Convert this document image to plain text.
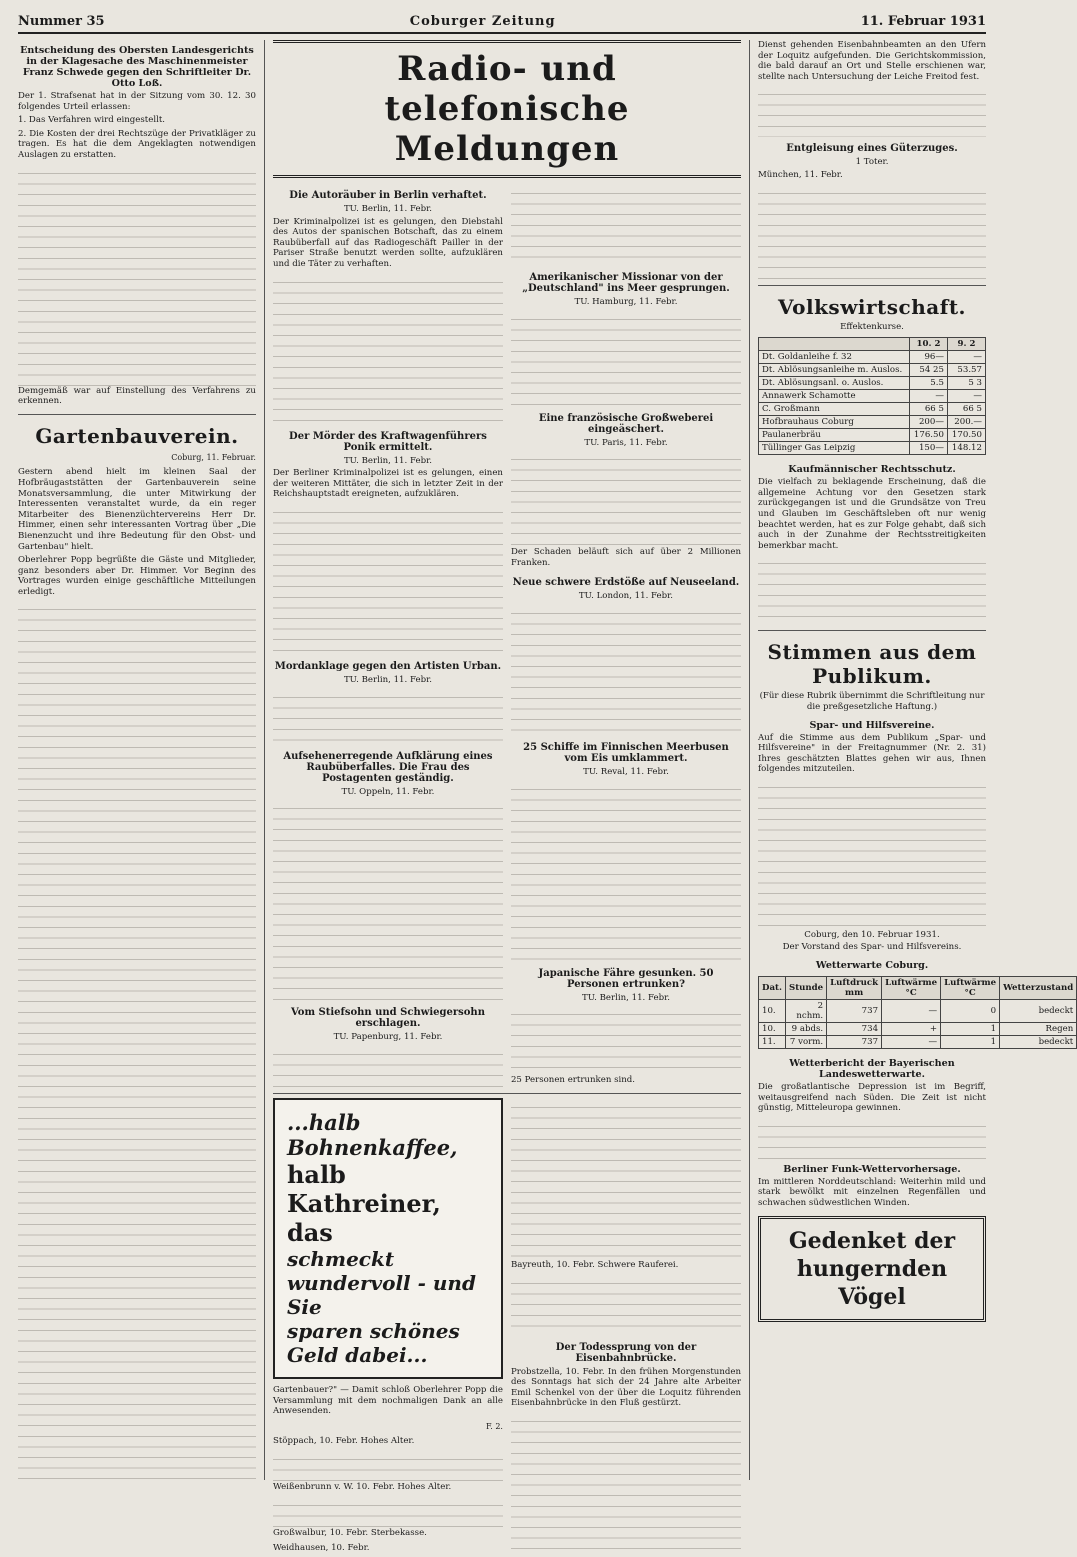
Nummer 35	Coburger Zeitung	11. Februar 1931
Entscheidung des Obersten Landesgerichts in der Klagesache des Maschinenmeister Franz Schwede gegen den Schriftleiter Dr. Otto Loß.

Der 1. Strafsenat hat in der Sitzung vom 30. 12. 30 folgendes Urteil erlassen:

1. Das Verfahren wird eingestellt.

2. Die Kosten der drei Rechtszüge der Privatkläger zu tragen. Es hat die dem Angeklagten notwendigen Auslagen zu erstatten.

Demgemäß war auf Einstellung des Verfahrens zu erkennen.

Gartenbauverein.

Coburg, 11. Februar.

Gestern abend hielt im kleinen Saal der Hofbräugaststätten der Gartenbauverein seine Monatsversammlung, die unter Mitwirkung der Interessenten veranstaltet wurde, da ein reger Mitarbeiter des Bienenzüchtervereins Herr Dr. Himmer, einen sehr interessanten Vortrag über „Die Bienenzucht und ihre Bedeutung für den Obst- und Gartenbau" hielt.

Oberlehrer Popp begrüßte die Gäste und Mitglieder, ganz besonders aber Dr. Himmer. Vor Beginn des Vortrages wurden einige geschäftliche Mitteilungen erledigt.

Radio- und telefonische Meldungen
Die Autoräuber in Berlin verhaftet.

TU. Berlin, 11. Febr.

Der Kriminalpolizei ist es gelungen, den Diebstahl des Autos der spanischen Botschaft, das zu einem Raubüberfall auf das Radiogeschäft Pailler in der Pariser Straße benutzt werden sollte, aufzuklären und die Täter zu verhaften.

Der Mörder des Kraftwagenführers Ponik ermittelt.

TU. Berlin, 11. Febr.

Der Berliner Kriminalpolizei ist es gelungen, einen der weiteren Mittäter, die sich in letzter Zeit in der Reichshauptstadt ereigneten, aufzuklären.

Mordanklage gegen den Artisten Urban.

TU. Berlin, 11. Febr.

Aufsehenerregende Aufklärung eines Raubüberfalles. Die Frau des Postagenten geständig.

TU. Oppeln, 11. Febr.

Vom Stiefsohn und Schwiegersohn erschlagen.

TU. Papenburg, 11. Febr.

Amerikanischer Missionar von der „Deutschland" ins Meer gesprungen.

TU. Hamburg, 11. Febr.

Eine französische Großweberei eingeäschert.

TU. Paris, 11. Febr.

Der Schaden beläuft sich auf über 2 Millionen Franken.

Neue schwere Erdstöße auf Neuseeland.

TU. London, 11. Febr.

25 Schiffe im Finnischen Meerbusen vom Eis umklammert.

TU. Reval, 11. Febr.

Japanische Fähre gesunken. 50 Personen ertrunken?

TU. Berlin, 11. Febr.

25 Personen ertrunken sind.

...halb Bohnenkaffee,
halb Kathreiner, das
schmeckt wundervoll - und Sie
sparen schönes Geld dabei...

Gartenbauer?" — Damit schloß Oberlehrer Popp die Versammlung mit dem nochmaligen Dank an alle Anwesenden.

F. 2.

Stöppach, 10. Febr. Hohes Alter.

Weißenbrunn v. W. 10. Febr. Hohes Alter.

Großwalbur, 10. Febr. Sterbekasse.

Weidhausen, 10. Febr.

Bayreuth, 10. Febr. Schwere Rauferei.

Der Todessprung von der Eisenbahnbrücke.

Probstzella, 10. Febr. In den frühen Morgenstunden des Sonntags hat sich der 24 Jahre alte Arbeiter Emil Schenkel von der über die Loquitz führenden Eisenbahnbrücke in den Fluß gestürzt.

Dienst gehenden Eisenbahnbeamten an den Ufern der Loquitz aufgefunden. Die Gerichtskommission, die bald darauf an Ort und Stelle erschienen war, stellte nach Untersuchung der Leiche Freitod fest.

Entgleisung eines Güterzuges.

1 Toter.

München, 11. Febr.

Volkswirtschaft.

Effektenkurse.

	10. 2	9. 2
Dt. Goldanleihe f. 32	96—	—
Dt. Ablösungsanleihe m. Auslos.	54 25	53.57
Dt. Ablösungsanl. o. Auslos.	5.5	5 3
Annawerk Schamotte	—	—
C. Großmann	66 5	66 5
Hofbrauhaus Coburg	200—	200.—
Paulanerbräu	176.50	170.50
Tüllinger Gas Leipzig	150—	148.12
Kaufmännischer Rechtsschutz.

Die vielfach zu beklagende Erscheinung, daß die allgemeine Achtung vor den Gesetzen stark zurückgegangen ist und die Grundsätze von Treu und Glauben im Geschäftsleben oft nur wenig beachtet werden, hat es zur Folge gehabt, daß sich auch in der Zunahme der Rechtsstreitigkeiten bemerkbar macht.

Stimmen aus dem Publikum.

(Für diese Rubrik übernimmt die Schriftleitung nur die preßgesetzliche Haftung.)

Spar- und Hilfsvereine.

Auf die Stimme aus dem Publikum „Spar- und Hilfsvereine" in der Freitagnummer (Nr. 2. 31) Ihres geschätzten Blattes gehen wir aus, Ihnen folgendes mitzuteilen.

Coburg, den 10. Februar 1931.

Der Vorstand des Spar- und Hilfsvereins.

Wetterwarte Coburg.
Dat.	Stunde	Luftdruck mm	Luftwärme °C	Luftwärme °C	Wetterzustand
10.	2 nchm.	737	—	0	bedeckt
10.	9 abds.	734	+	1	Regen
11.	7 vorm.	737	—	1	bedeckt
Wetterbericht der Bayerischen Landeswetterwarte.

Die großatlantische Depression ist im Begriff, weitausgreifend nach Süden. Die Zeit ist nicht günstig, Mitteleuropa gewinnen.

Berliner Funk-Wettervorhersage.

Im mittleren Norddeutschland: Weiterhin mild und stark bewölkt mit einzelnen Regenfällen und schwachen südwestlichen Winden.

Gedenket der
hungernden Vögel
